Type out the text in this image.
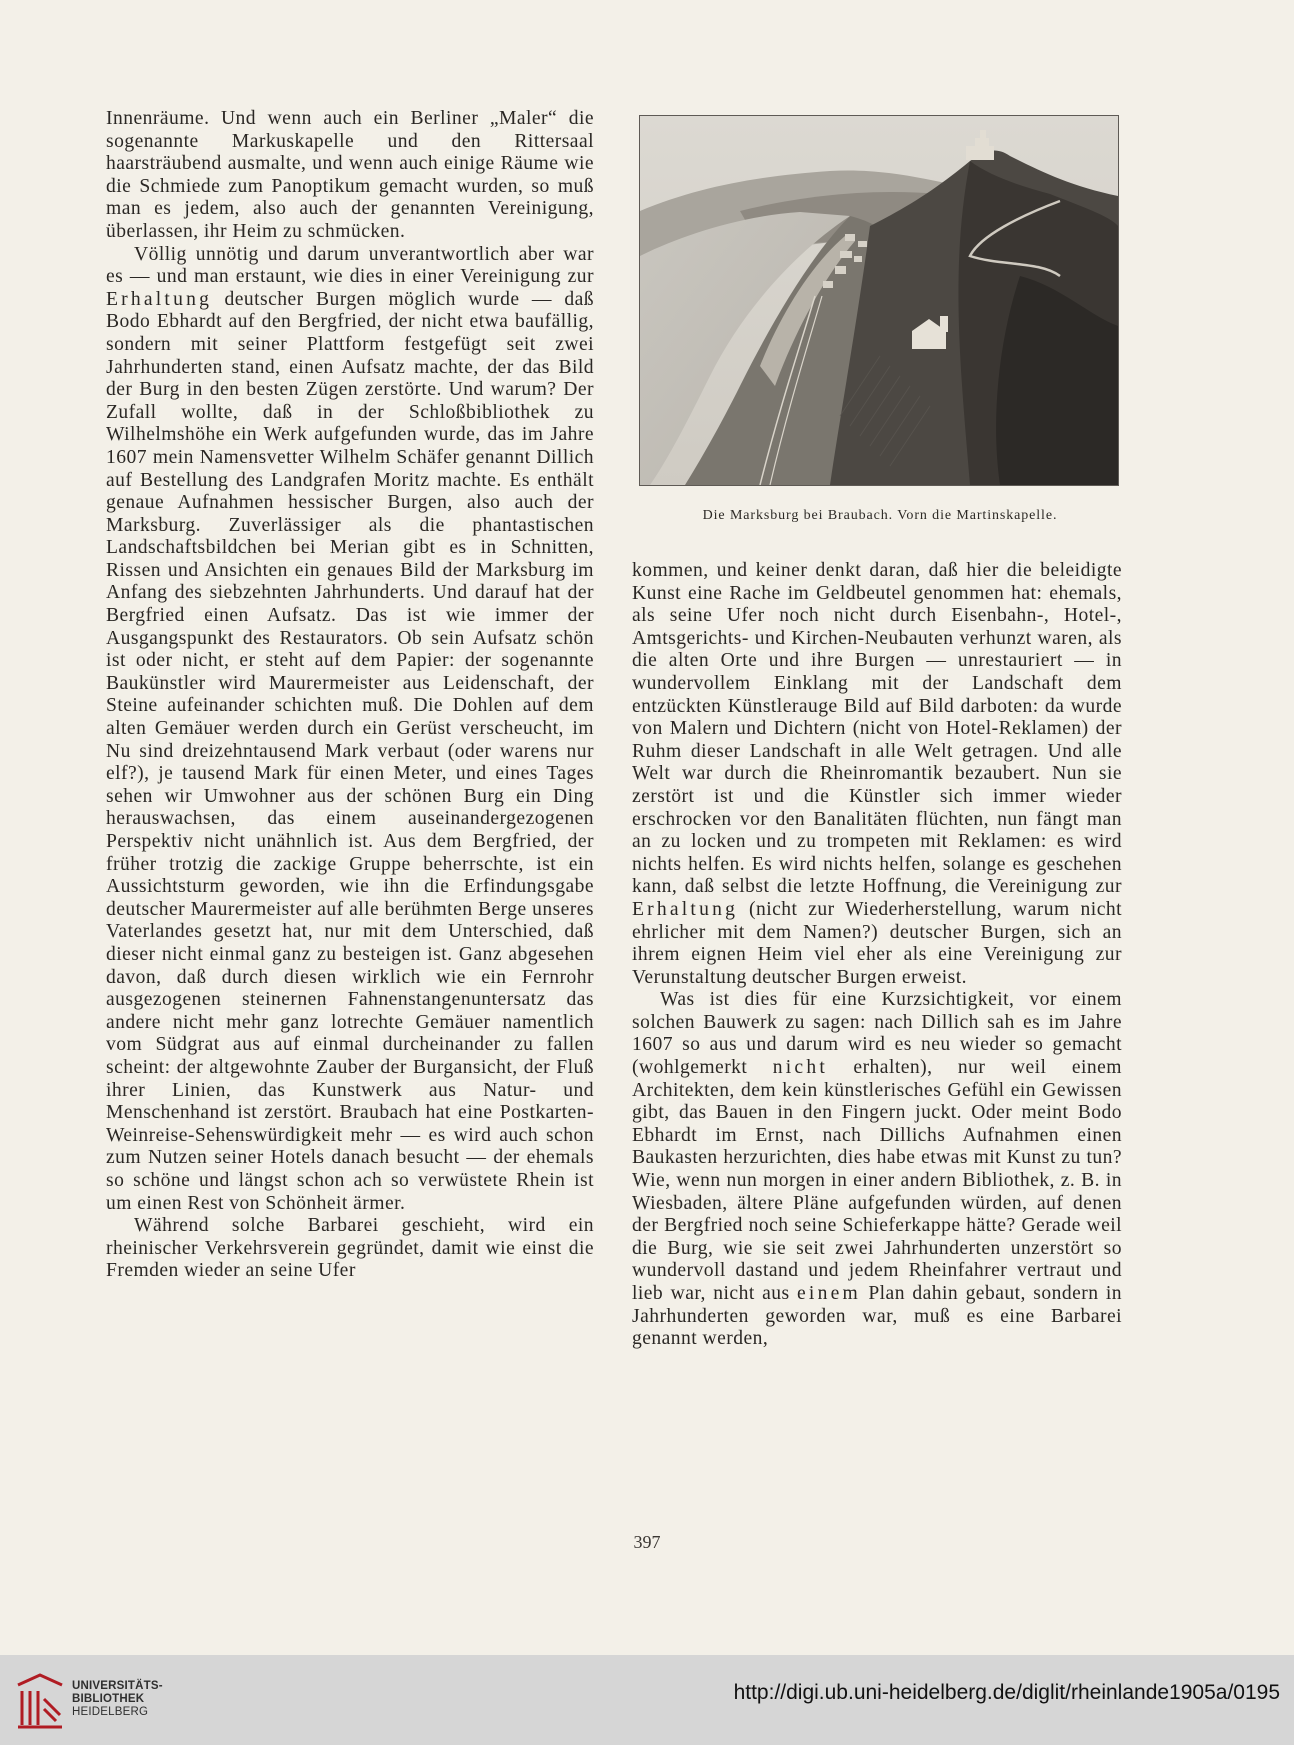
Innenräume. Und wenn auch ein Berliner „Maler“ die sogenannte Markuskapelle und den Rittersaal haarsträubend ausmalte, und wenn auch einige Räume wie die Schmiede zum Panoptikum gemacht wurden, so muß man es jedem, also auch der genannten Vereinigung, überlassen, ihr Heim zu schmücken.

Völlig unnötig und darum unverantwortlich aber war es — und man erstaunt, wie dies in einer Vereinigung zur Erhaltung deutscher Burgen möglich wurde — daß Bodo Ebhardt auf den Bergfried, der nicht etwa baufällig, sondern mit seiner Plattform festgefügt seit zwei Jahrhunderten stand, einen Aufsatz machte, der das Bild der Burg in den besten Zügen zerstörte. Und warum? Der Zufall wollte, daß in der Schloßbibliothek zu Wilhelmshöhe ein Werk aufgefunden wurde, das im Jahre 1607 mein Namensvetter Wilhelm Schäfer genannt Dillich auf Bestellung des Landgrafen Moritz machte. Es enthält genaue Aufnahmen hessischer Burgen, also auch der Marksburg. Zuverlässiger als die phantastischen Landschaftsbildchen bei Merian gibt es in Schnitten, Rissen und Ansichten ein genaues Bild der Marksburg im Anfang des siebzehnten Jahrhunderts. Und darauf hat der Bergfried einen Aufsatz. Das ist wie immer der Ausgangspunkt des Restaurators. Ob sein Aufsatz schön ist oder nicht, er steht auf dem Papier: der sogenannte Baukünstler wird Maurermeister aus Leidenschaft, der Steine aufeinander schichten muß. Die Dohlen auf dem alten Gemäuer werden durch ein Gerüst verscheucht, im Nu sind dreizehntausend Mark verbaut (oder warens nur elf?), je tausend Mark für einen Meter, und eines Tages sehen wir Umwohner aus der schönen Burg ein Ding herauswachsen, das einem auseinandergezogenen Perspektiv nicht unähnlich ist. Aus dem Bergfried, der früher trotzig die zackige Gruppe beherrschte, ist ein Aussichtsturm geworden, wie ihn die Erfindungsgabe deutscher Maurermeister auf alle berühmten Berge unseres Vaterlandes gesetzt hat, nur mit dem Unterschied, daß dieser nicht einmal ganz zu besteigen ist. Ganz abgesehen davon, daß durch diesen wirklich wie ein Fernrohr ausgezogenen steinernen Fahnenstangenuntersatz das andere nicht mehr ganz lotrechte Gemäuer namentlich vom Südgrat aus auf einmal durcheinander zu fallen scheint: der altgewohnte Zauber der Burgansicht, der Fluß ihrer Linien, das Kunstwerk aus Natur- und Menschenhand ist zerstört. Braubach hat eine Postkarten-Weinreise-Sehenswürdigkeit mehr — es wird auch schon zum Nutzen seiner Hotels danach besucht — der ehemals so schöne und längst schon ach so verwüstete Rhein ist um einen Rest von Schönheit ärmer.

Während solche Barbarei geschieht, wird ein rheinischer Verkehrsverein gegründet, damit wie einst die Fremden wieder an seine Ufer

Die Marksburg bei Braubach. Vorn die Martinskapelle.

kommen, und keiner denkt daran, daß hier die beleidigte Kunst eine Rache im Geldbeutel genommen hat: ehemals, als seine Ufer noch nicht durch Eisenbahn-, Hotel-, Amtsgerichts- und Kirchen-Neubauten verhunzt waren, als die alten Orte und ihre Burgen — unrestauriert — in wundervollem Einklang mit der Landschaft dem entzückten Künstlerauge Bild auf Bild darboten: da wurde von Malern und Dichtern (nicht von Hotel-Reklamen) der Ruhm dieser Landschaft in alle Welt getragen. Und alle Welt war durch die Rheinromantik bezaubert. Nun sie zerstört ist und die Künstler sich immer wieder erschrocken vor den Banalitäten flüchten, nun fängt man an zu locken und zu trompeten mit Reklamen: es wird nichts helfen. Es wird nichts helfen, solange es geschehen kann, daß selbst die letzte Hoffnung, die Vereinigung zur Erhaltung (nicht zur Wiederherstellung, warum nicht ehrlicher mit dem Namen?) deutscher Burgen, sich an ihrem eignen Heim viel eher als eine Vereinigung zur Verunstaltung deutscher Burgen erweist.

Was ist dies für eine Kurzsichtigkeit, vor einem solchen Bauwerk zu sagen: nach Dillich sah es im Jahre 1607 so aus und darum wird es neu wieder so gemacht (wohlgemerkt nicht erhalten), nur weil einem Architekten, dem kein künstlerisches Gefühl ein Gewissen gibt, das Bauen in den Fingern juckt. Oder meint Bodo Ebhardt im Ernst, nach Dillichs Aufnahmen einen Baukasten herzurichten, dies habe etwas mit Kunst zu tun? Wie, wenn nun morgen in einer andern Bibliothek, z. B. in Wiesbaden, ältere Pläne aufgefunden würden, auf denen der Bergfried noch seine Schieferkappe hätte? Gerade weil die Burg, wie sie seit zwei Jahrhunderten unzerstört so wundervoll dastand und jedem Rheinfahrer vertraut und lieb war, nicht aus einem Plan dahin gebaut, sondern in Jahrhunderten geworden war, muß es eine Barbarei genannt werden,

397
UNIVERSITÄTS-
BIBLIOTHEK
HEIDELBERG
http://digi.ub.uni-heidelberg.de/diglit/rheinlande1905a/0195
